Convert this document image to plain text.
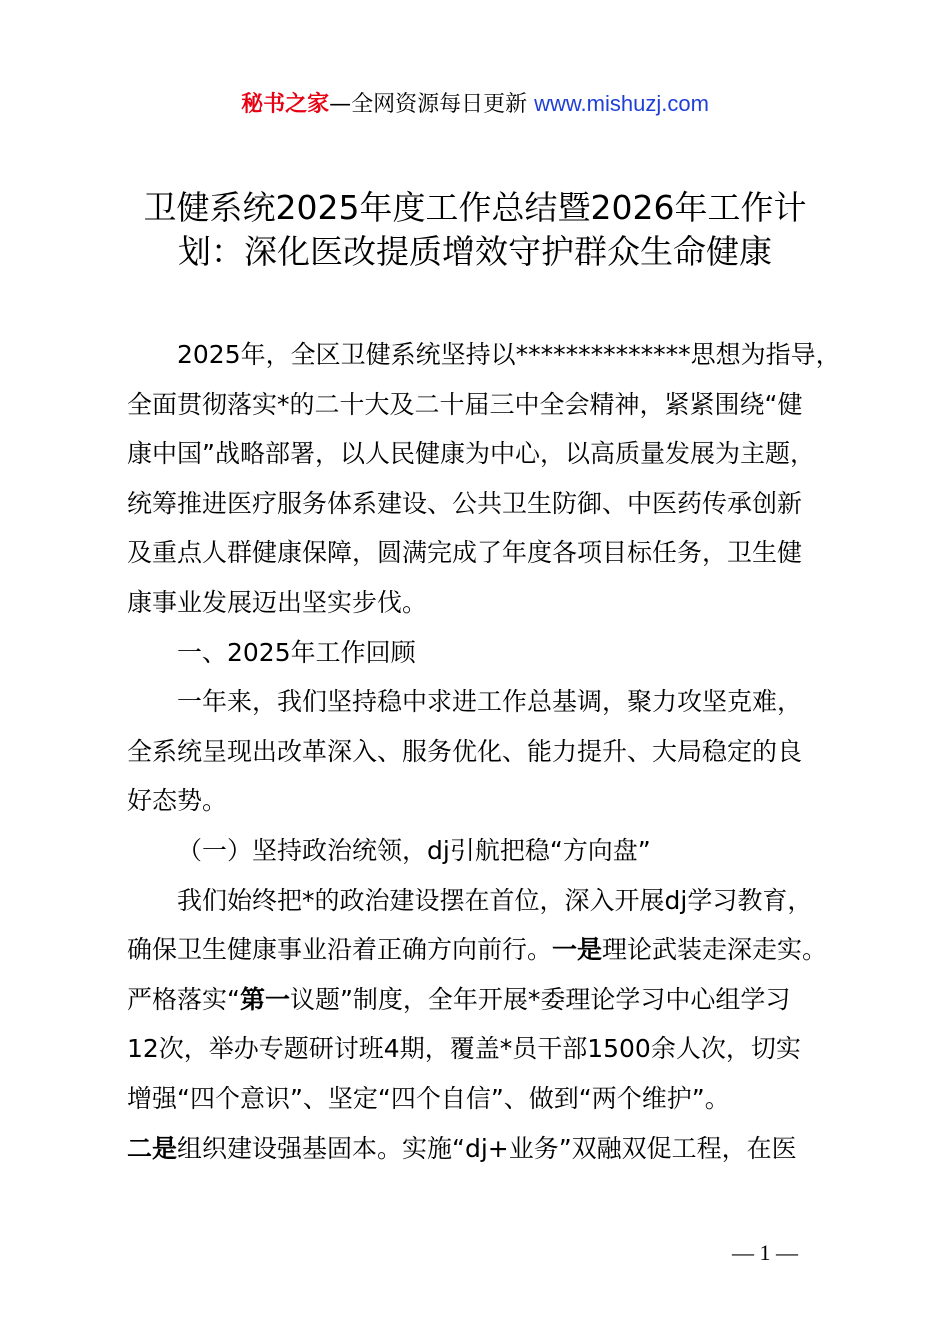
秘书之家—全网资源每日更新 www.mishuzj.com
卫健系统2025年度工作总结暨2026年工作计
划：深化医改提质增效守护群众生命健康
2025年，全区卫健系统坚持以**************思想为指导，
全面贯彻落实*的二十大及二十届三中全会精神，紧紧围绕“健
康中国”战略部署，以人民健康为中心，以高质量发展为主题，
统筹推进医疗服务体系建设、公共卫生防御、中医药传承创新
及重点人群健康保障，圆满完成了年度各项目标任务，卫生健
康事业发展迈出坚实步伐。
一、2025年工作回顾
一年来，我们坚持稳中求进工作总基调，聚力攻坚克难，
全系统呈现出改革深入、服务优化、能力提升、大局稳定的良
好态势。
（一）坚持政治统领，dj引航把稳“方向盘”
我们始终把*的政治建设摆在首位，深入开展dj学习教育，
确保卫生健康事业沿着正确方向前行。一是理论武装走深走实。
严格落实“第一议题”制度，全年开展*委理论学习中心组学习
12次，举办专题研讨班4期，覆盖*员干部1500余人次，切实
增强“四个意识”、坚定“四个自信”、做到“两个维护”。
二是组织建设强基固本。实施“dj+业务”双融双促工程，在医
— 1 —
